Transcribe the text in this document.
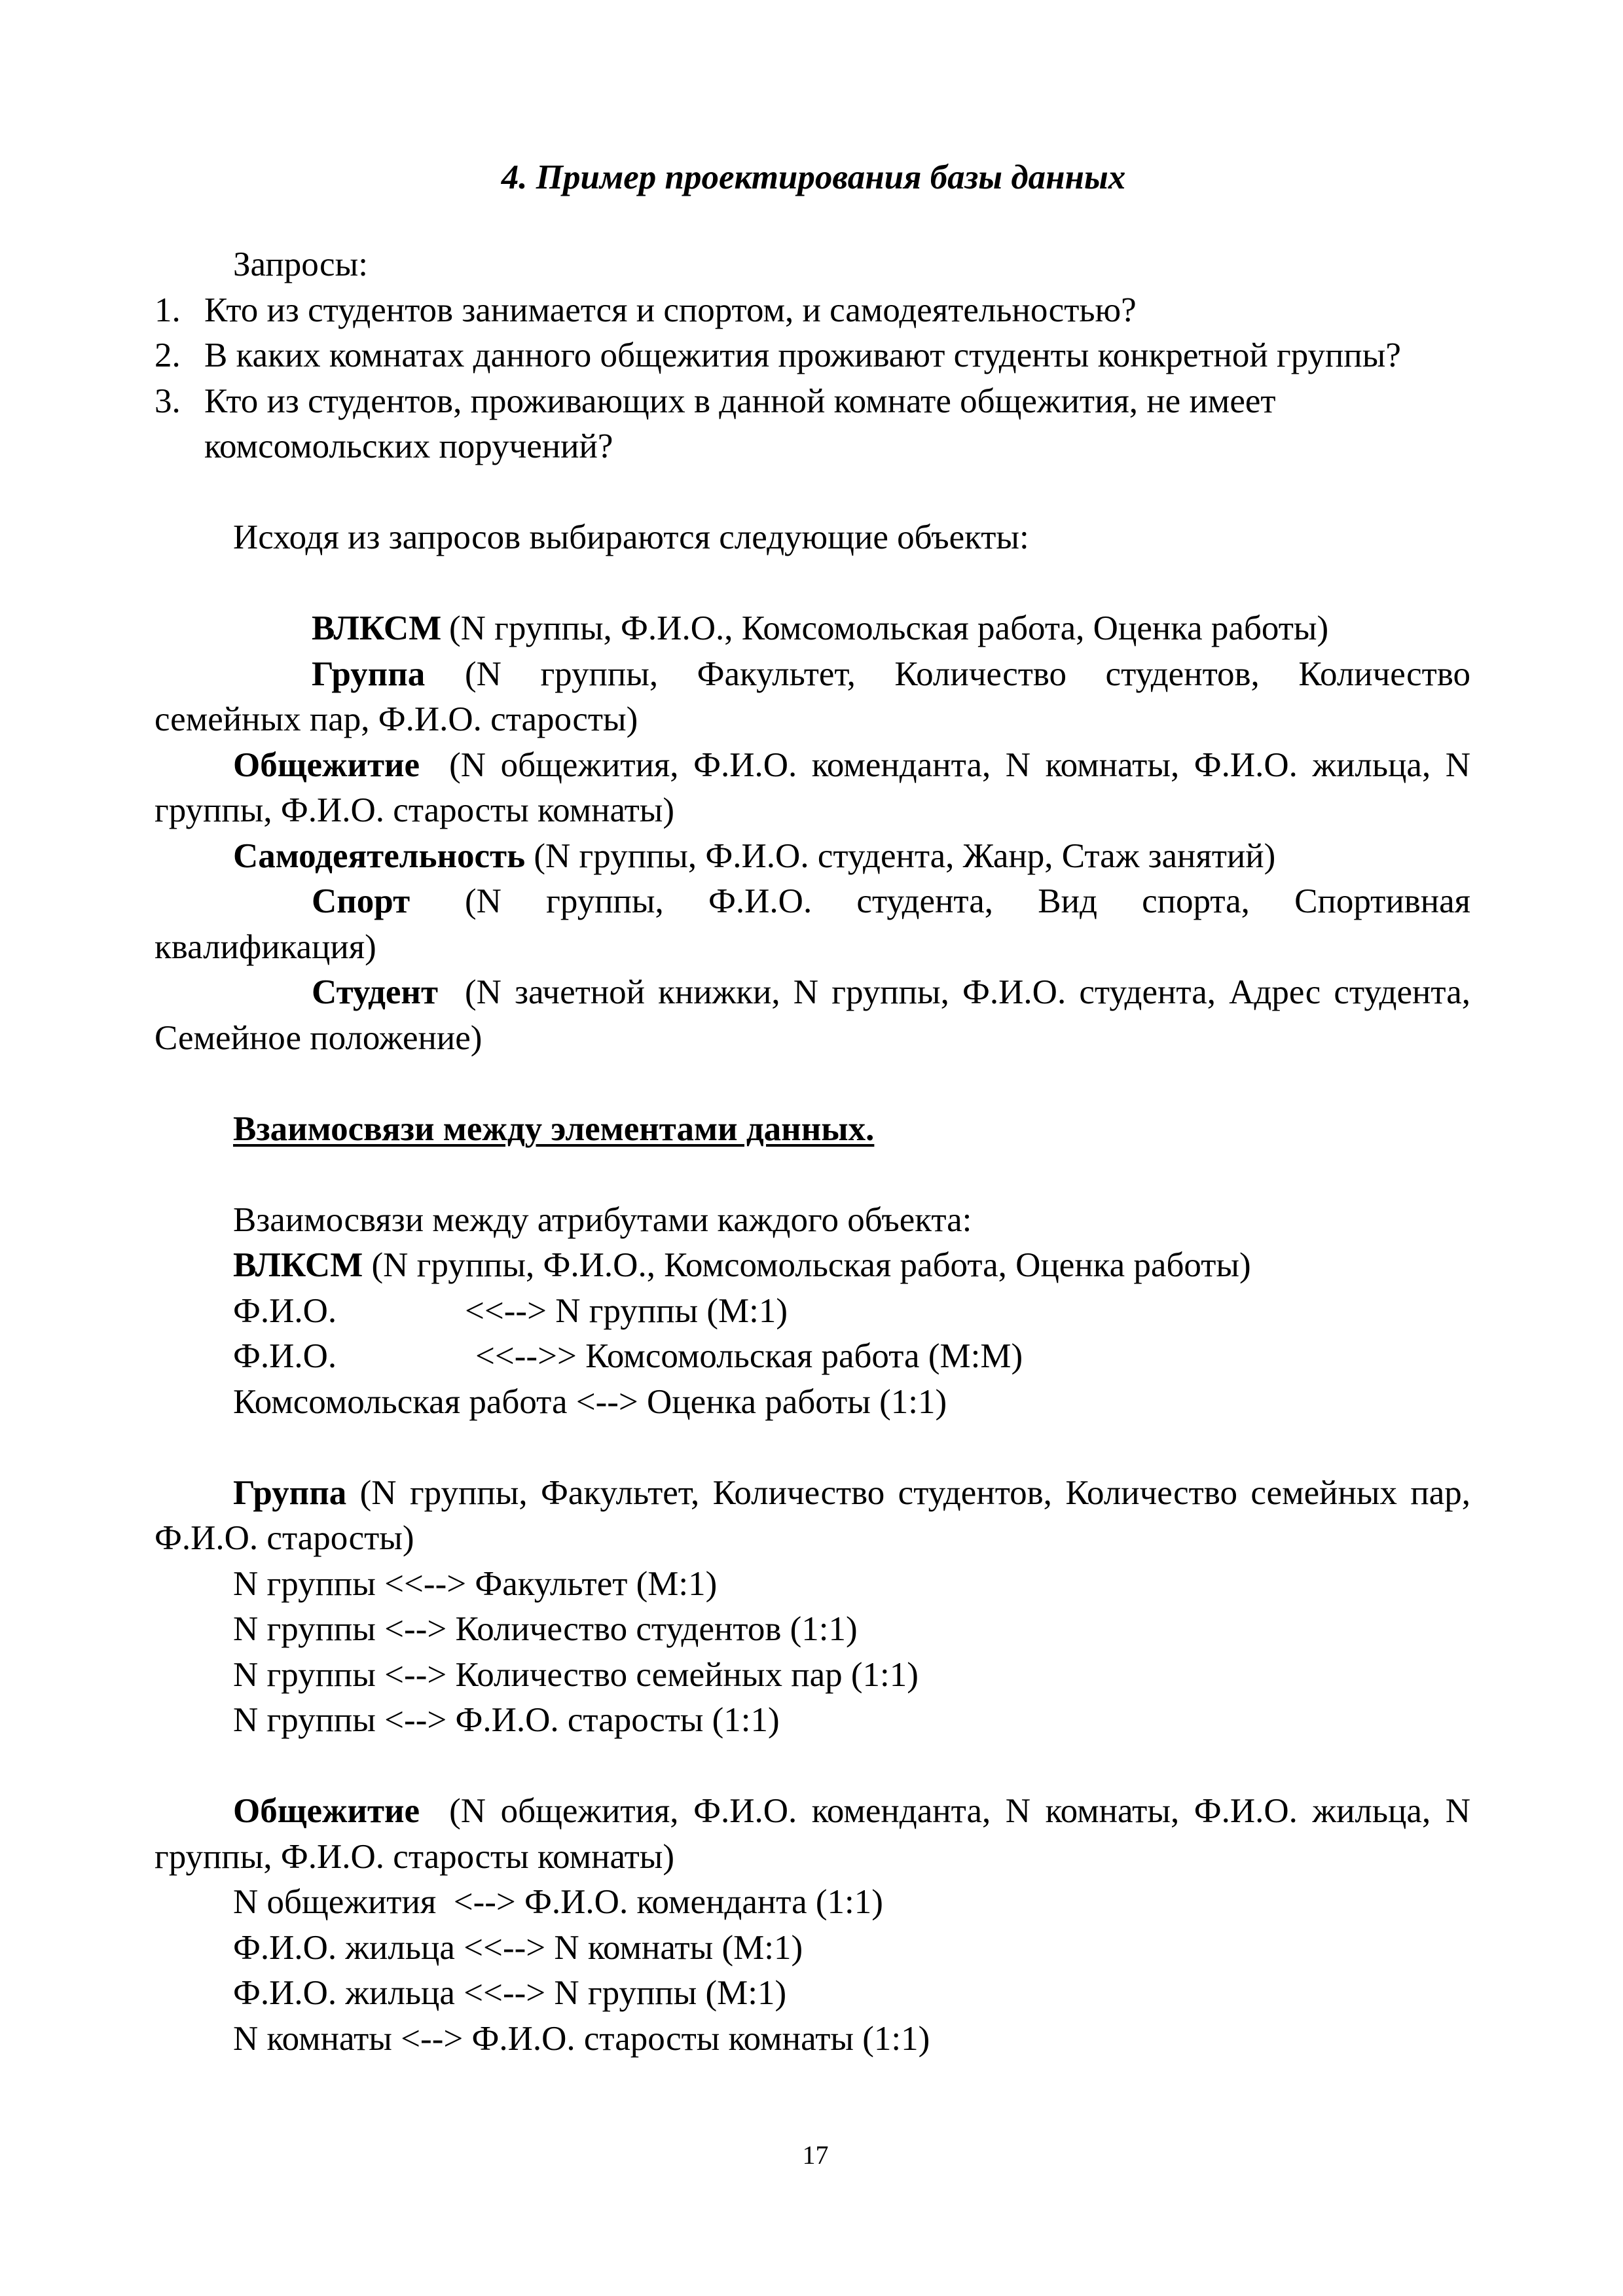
4. Пример проектирования базы данных
Запросы:
1. Кто из студентов занимается и спортом, и самодеятельностью?
2. В каких комнатах данного общежития проживают студенты конкретной группы?
3. Кто из студентов, проживающих в данной комнате общежития, не имеет комсомольских поручений?
Исходя из запросов выбираются следующие объекты:
ВЛКСМ (N группы, Ф.И.О., Комсомольская работа, Оценка работы)
Группа (N группы, Факультет, Количество студентов, Количество семейных пар, Ф.И.О. старосты)
Общежитие (N общежития, Ф.И.О. коменданта, N комнаты, Ф.И.О. жильца, N группы, Ф.И.О. старосты комнаты)
Самодеятельность (N группы, Ф.И.О. студента, Жанр, Стаж занятий)
Спорт (N группы, Ф.И.О. студента, Вид спорта, Спортивная квалификация)
Студент (N зачетной книжки, N группы, Ф.И.О. студента, Адрес студента, Семейное положение)
Взаимосвязи между элементами данных.
Взаимосвязи между атрибутами каждого объекта:
ВЛКСМ (N группы, Ф.И.О., Комсомольская работа, Оценка работы)
Ф.И.О.	<<--> N группы (М:1)
Ф.И.О.	<<-->> Комсомольская работа (М:М)
Комсомольская работа <--> Оценка работы (1:1)
Группа (N группы, Факультет, Количество студентов, Количество семейных пар, Ф.И.О. старосты)
N группы <<--> Факультет (М:1)
N группы <--> Количество студентов (1:1)
N группы <--> Количество семейных пар (1:1)
N группы <--> Ф.И.О. старосты (1:1)
Общежитие (N общежития, Ф.И.О. коменданта, N комнаты, Ф.И.О. жильца, N группы, Ф.И.О. старосты комнаты)
N общежития  <--> Ф.И.О. коменданта (1:1)
Ф.И.О. жильца <<--> N комнаты (М:1)
Ф.И.О. жильца <<--> N группы (М:1)
N комнаты <--> Ф.И.О. старосты комнаты (1:1)
17
